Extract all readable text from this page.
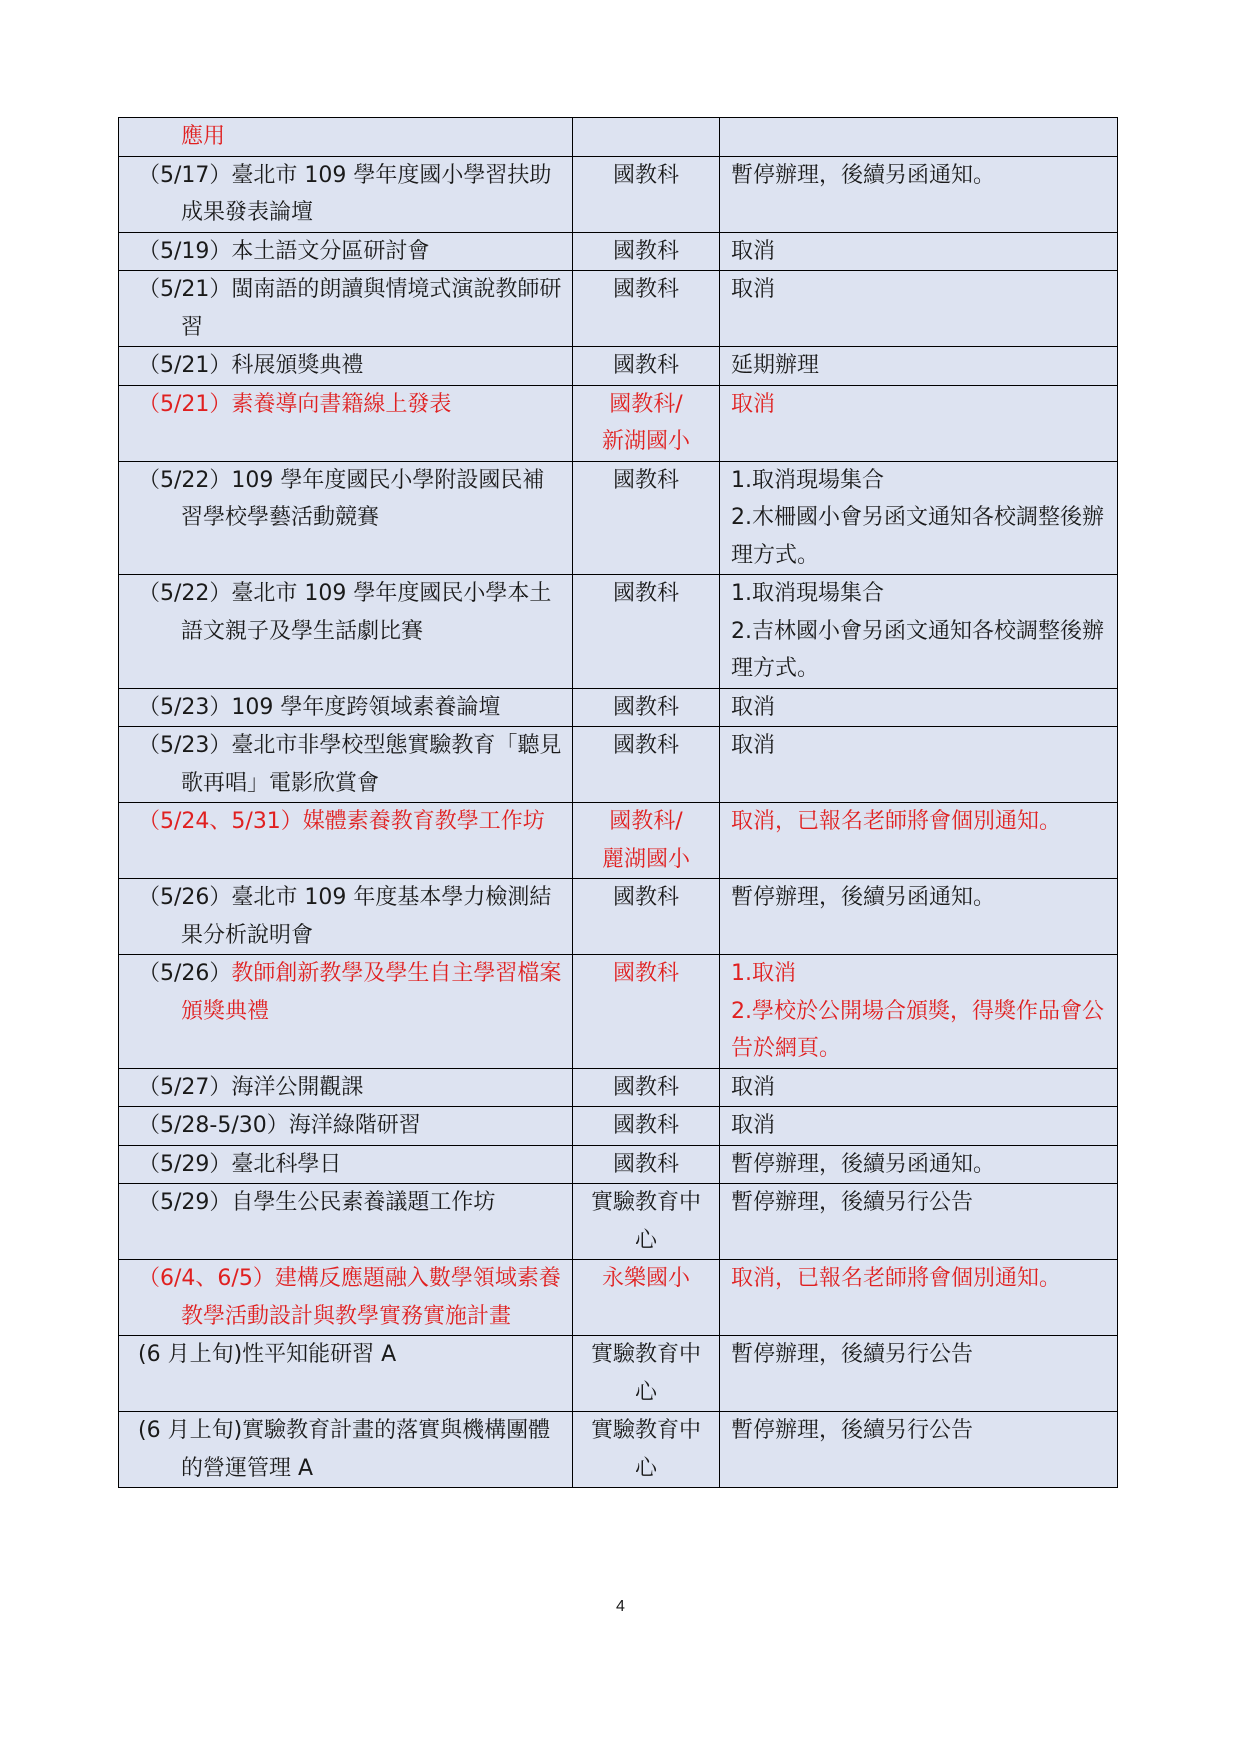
應用		

（5/17）臺北市 109 學年度國小學習扶助成果發表論壇	國教科	暫停辦理，後續另函通知。

（5/19）本土語文分區研討會	國教科	取消

（5/21）閩南語的朗讀與情境式演說教師研習	國教科	取消

（5/21）科展頒獎典禮	國教科	延期辦理

（5/21）素養導向書籍線上發表	國教科/
新湖國小	取消

（5/22）109 學年度國民小學附設國民補習學校學藝活動競賽	國教科	1.取消現場集合
2.木柵國小會另函文通知各校調整後辦理方式。

（5/22）臺北市 109 學年度國民小學本土語文親子及學生話劇比賽	國教科	1.取消現場集合
2.吉林國小會另函文通知各校調整後辦理方式。

（5/23）109 學年度跨領域素養論壇	國教科	取消

（5/23）臺北市非學校型態實驗教育「聽見歌再唱」電影欣賞會	國教科	取消

（5/24、5/31）媒體素養教育教學工作坊	國教科/
麗湖國小	取消，已報名老師將會個別通知。

（5/26）臺北市 109 年度基本學力檢測結果分析說明會	國教科	暫停辦理，後續另函通知。

（5/26）教師創新教學及學生自主學習檔案頒獎典禮	國教科	1.取消
2.學校於公開場合頒獎，得獎作品會公告於網頁。

（5/27）海洋公開觀課	國教科	取消

（5/28-5/30）海洋綠階研習	國教科	取消

（5/29）臺北科學日	國教科	暫停辦理，後續另函通知。

（5/29）自學生公民素養議題工作坊	實驗教育中
心	暫停辦理，後續另行公告

（6/4、6/5）建構反應題融入數學領域素養教學活動設計與教學實務實施計畫	永樂國小	取消，已報名老師將會個別通知。

(6 月上旬)性平知能研習 A	實驗教育中
心	暫停辦理，後續另行公告

(6 月上旬)實驗教育計畫的落實與機構團體的營運管理 A	實驗教育中
心	暫停辦理，後續另行公告
4
